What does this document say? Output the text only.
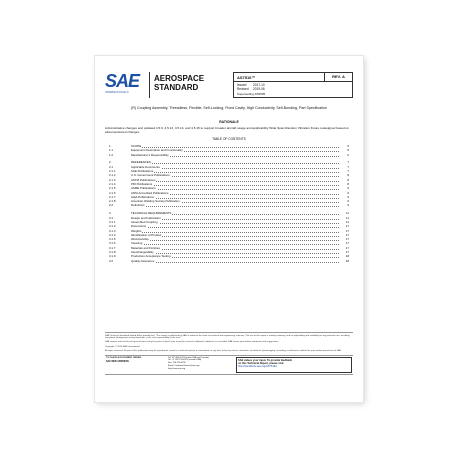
SAE
INTERNATIONAL®
AEROSPACE
STANDARD
AS7516™	REV. A
Issued 2017-10
Revised 2019-06
Superseding AS5505
(R) Coupling Assembly, Threadless, Flexible, Self-Locking, Fixed Cavity, High Conductivity, Self-Bonding, Part Specification
RATIONALE
Administrative changes and updated 4.5.6, 4.5.13, 4.5.14, and 4.5.15 to support broader aircraft usage and applicability Wide Span Random Vibration fixture redesigned based on aforementioned changes.
TABLE OF CONTENTS
1.	SCOPE	5
1.1	Equipment Description and Functionality	5
1.2	Manufacturer's Responsibility	6
2.	REFERENCES	7
2.1	Applicable Documents	7
2.1.1	SAE Publications	7
2.1.2	U.S. Government Publications	8
2.1.3	ASTM Publications	8
2.1.4	PRI Publications	8
2.1.5	ASME Publications	9
2.1.6	ANSI Accredited Publications	9
2.1.7	AIAA Publications	9
2.1.8	American Welding Society Publication	9
2.2	Definitions	9
3.	TECHNICAL REQUIREMENTS	11
3.1	Design and Fabrication	11
3.1.1	Assembled Coupling	11
3.1.2	Dimensions	17
3.1.3	Weights	17
3.1.4	Identification of Product	17
3.1.5	Workmanship	17
3.1.6	Cleaning	17
3.1.7	Materials and Finishes	17
3.1.8	Interchangeability	17
3.1.9	Production Acceptance Testing	18
3.2	Quality Assurance	18
SAE Technical Standards Board Rules provide that: "This report is published by SAE to advance the state of technical and engineering sciences. The use of this report is entirely voluntary, and its applicability and suitability for any particular use, including any patent infringement arising therefrom, is the sole responsibility of the user."
SAE reviews each technical report at least every five years at which time it may be revised, reaffirmed, stabilized, or cancelled. SAE invites your written comments and suggestions.
Copyright © 2019 SAE International
All rights reserved. No part of this publication may be reproduced, stored in a retrieval system or transmitted, in any form or by any means, electronic, mechanical, photocopying, recording, or otherwise, without the prior written permission of SAE.
TO PLACE A DOCUMENT ORDER:
SAE WEB ADDRESS:
Tel: 877-606-7323 (inside USA and Canada)
Tel: +1 724-776-4970 (outside USA)
Fax: 724-776-0790
Email: CustomerService@sae.org
http://www.sae.org
SAE values your input. To provide feedback
on this Technical Report, please visit
http://standards.sae.org/AS7516A
